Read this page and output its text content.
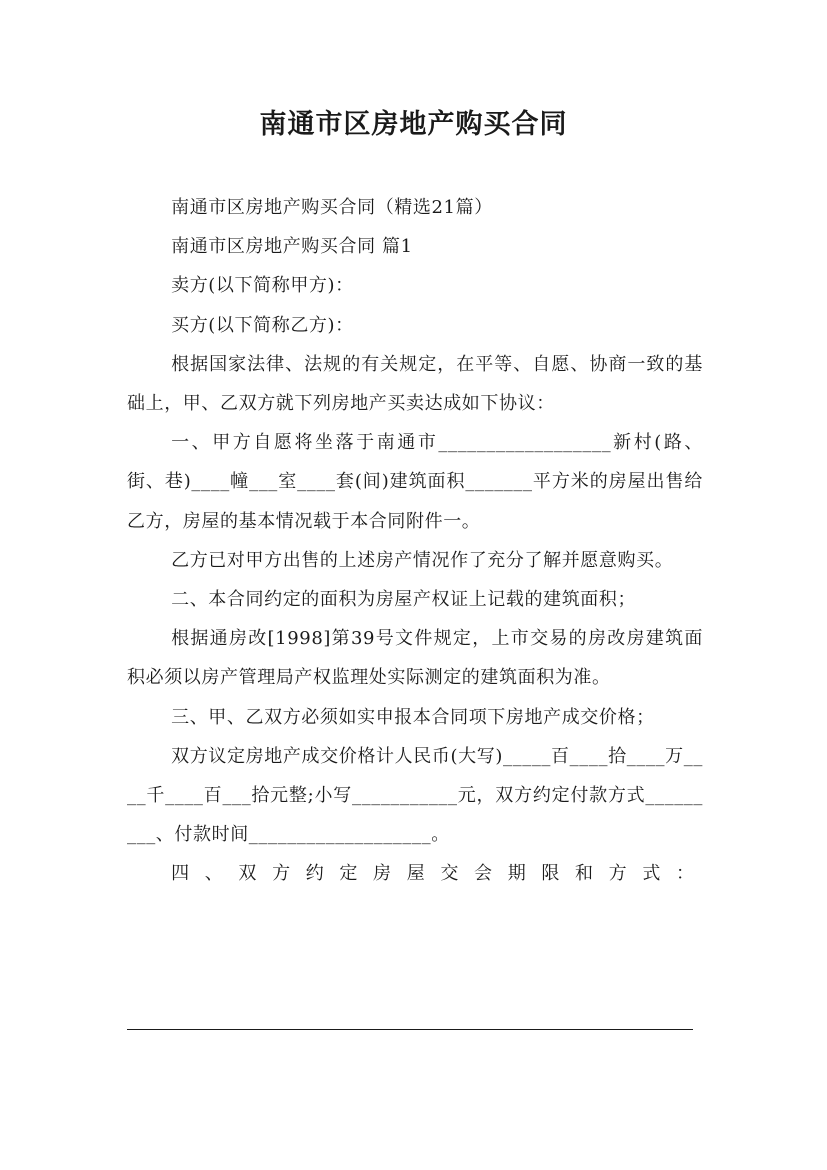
南通市区房地产购买合同

南通市区房地产购买合同（精选21篇）

南通市区房地产购买合同 篇1

卖方(以下简称甲方)：

买方(以下简称乙方)：

根据国家法律、法规的有关规定，在平等、自愿、协商一致的基础上，甲、乙双方就下列房地产买卖达成如下协议：

一、甲方自愿将坐落于南通市__________________新村(路、街、巷)____幢___室____套(间)建筑面积_______平方米的房屋出售给乙方，房屋的基本情况载于本合同附件一。

乙方已对甲方出售的上述房产情况作了充分了解并愿意购买。

二、本合同约定的面积为房屋产权证上记载的建筑面积；

根据通房改[1998]第39号文件规定，上市交易的房改房建筑面积必须以房产管理局产权监理处实际测定的建筑面积为准。

三、甲、乙双方必须如实申报本合同项下房地产成交价格；

双方议定房地产成交价格计人民币(大写)_____百____拾____万____千____百___拾元整;小写___________元，双方约定付款方式_________、付款时间___________________。

四、双方约定房屋交会期限和方式：
